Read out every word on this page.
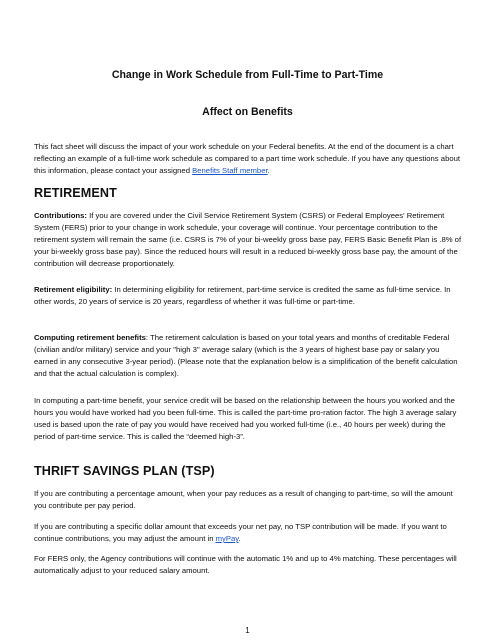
Change in Work Schedule from Full-Time to Part-Time
Affect on Benefits

This fact sheet will discuss the impact of your work schedule on your Federal benefits. At the end of the document is a chart reflecting an example of a full-time work schedule as compared to a part time work schedule. If you have any questions about this information, please contact your assigned Benefits Staff member.

RETIREMENT

Contributions: If you are covered under the Civil Service Retirement System (CSRS) or Federal Employees' Retirement System (FERS) prior to your change in work schedule, your coverage will continue. Your percentage contribution to the retirement system will remain the same (i.e. CSRS is 7% of your bi-weekly gross base pay, FERS Basic Benefit Plan is .8% of your bi-weekly gross base pay). Since the reduced hours will result in a reduced bi-weekly gross base pay, the amount of the contribution will decrease proportionately.

Retirement eligibility: In determining eligibility for retirement, part-time service is credited the same as full-time service. In other words, 20 years of service is 20 years, regardless of whether it was full-time or part-time.

Computing retirement benefits: The retirement calculation is based on your total years and months of creditable Federal (civilian and/or military) service and your "high 3" average salary (which is the 3 years of highest base pay or salary you earned in any consecutive 3-year period). (Please note that the explanation below is a simplification of the benefit calculation and that the actual calculation is complex).

In computing a part-time benefit, your service credit will be based on the relationship between the hours you worked and the hours you would have worked had you been full-time. This is called the part-time pro-ration factor. The high 3 average salary used is based upon the rate of pay you would have received had you worked full-time (i.e., 40 hours per week) during the period of part-time service. This is called the “deemed high-3”.

THRIFT SAVINGS PLAN (TSP)

If you are contributing a percentage amount, when your pay reduces as a result of changing to part-time, so will the amount you contribute per pay period.

If you are contributing a specific dollar amount that exceeds your net pay, no TSP contribution will be made. If you want to continue contributions, you may adjust the amount in myPay.

For FERS only, the Agency contributions will continue with the automatic 1% and up to 4% matching. These percentages will automatically adjust to your reduced salary amount.

1
